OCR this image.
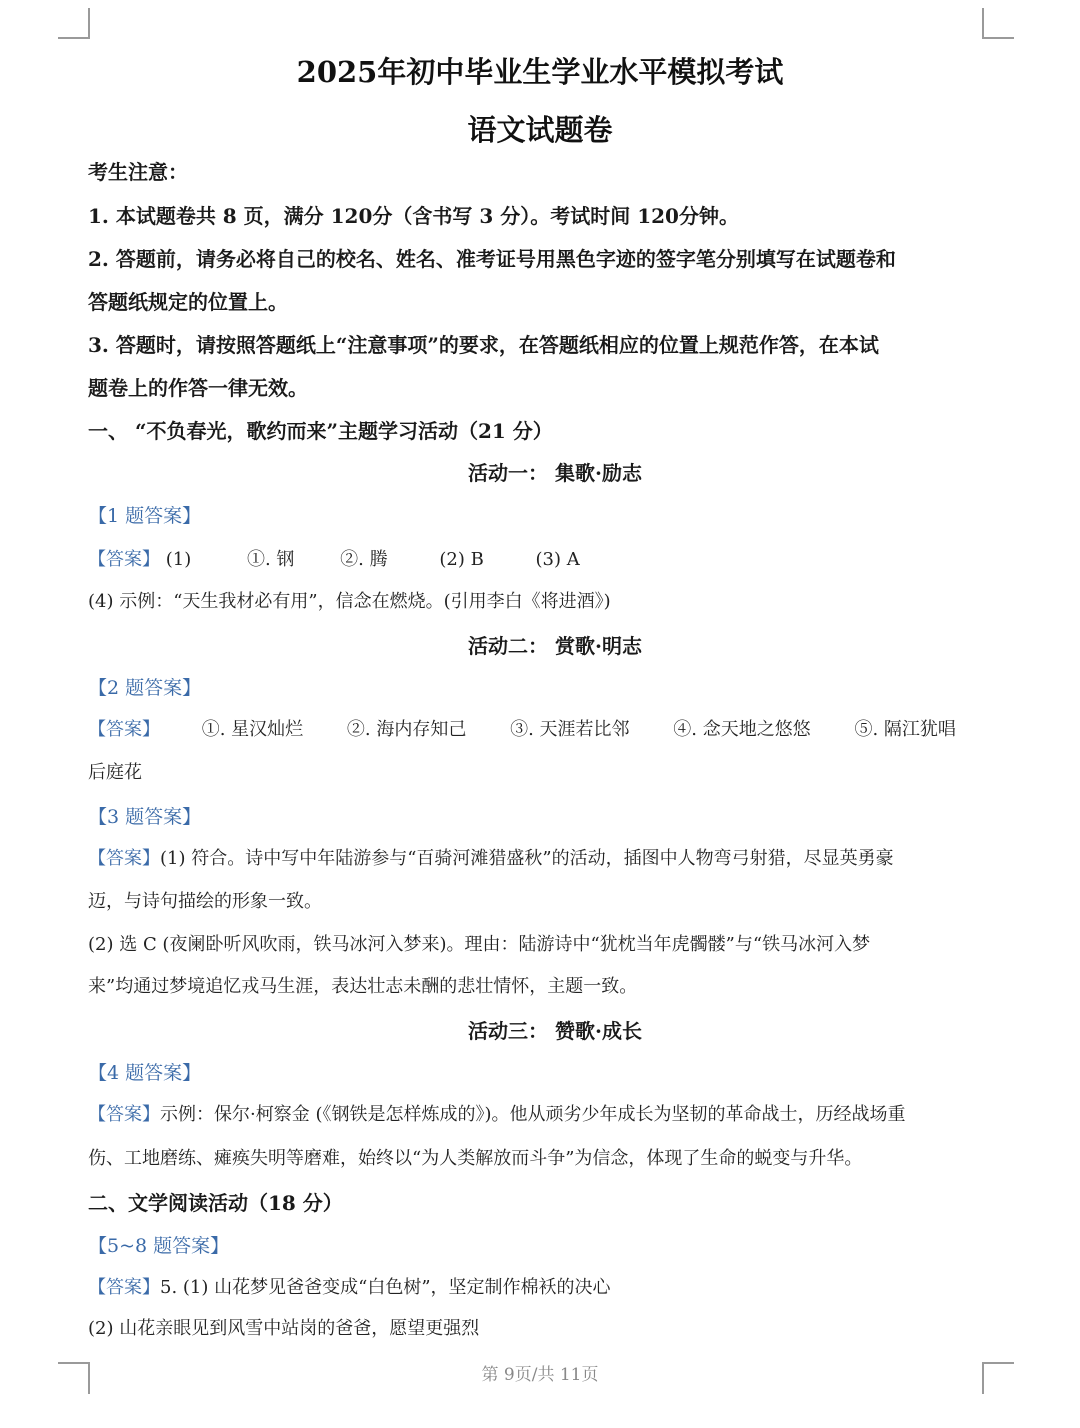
2025年初中毕业生学业水平模拟考试
语文试题卷
考生注意：
1. 本试题卷共 8 页，满分 120分（含书写 3 分）。考试时间 120分钟。
2. 答题前，请务必将自己的校名、姓名、准考证号用黑色字迹的签字笔分别填写在试题卷和
答题纸规定的位置上。
3. 答题时，请按照答题纸上“注意事项”的要求，在答题纸相应的位置上规范作答，在本试
题卷上的作答一律无效。
一、 “不负春光，歌约而来”主题学习活动（21 分）
活动一： 集歌·励志
【1 题答案】
【答案】 (1)	①. 钢	②. 腾	(2) B	(3) A
(4) 示例：“天生我材必有用”，信念在燃烧。(引用李白《将进酒》)
活动二： 赏歌·明志
【2 题答案】
【答案】 ①. 星汉灿烂 ②. 海内存知己 ③. 天涯若比邻 ④. 念天地之悠悠 ⑤. 隔江犹唱
后庭花
【3 题答案】
【答案】(1) 符合。诗中写中年陆游参与“百骑河滩猎盛秋”的活动，插图中人物弯弓射猎，尽显英勇豪
迈，与诗句描绘的形象一致。
(2) 选 C (夜阑卧听风吹雨，铁马冰河入梦来)。理由：陆游诗中“犹枕当年虎髑髅”与“铁马冰河入梦
来”均通过梦境追忆戎马生涯，表达壮志未酬的悲壮情怀，主题一致。
活动三： 赞歌·成长
【4 题答案】
【答案】示例：保尔·柯察金 (《钢铁是怎样炼成的》)。他从顽劣少年成长为坚韧的革命战士，历经战场重
伤、工地磨练、瘫痪失明等磨难，始终以“为人类解放而斗争”为信念，体现了生命的蜕变与升华。
二、文学阅读活动（18 分）
【5~8 题答案】
【答案】5. (1) 山花梦见爸爸变成“白色树”，坚定制作棉袄的决心
(2) 山花亲眼见到风雪中站岗的爸爸，愿望更强烈
第 9页/共 11页
